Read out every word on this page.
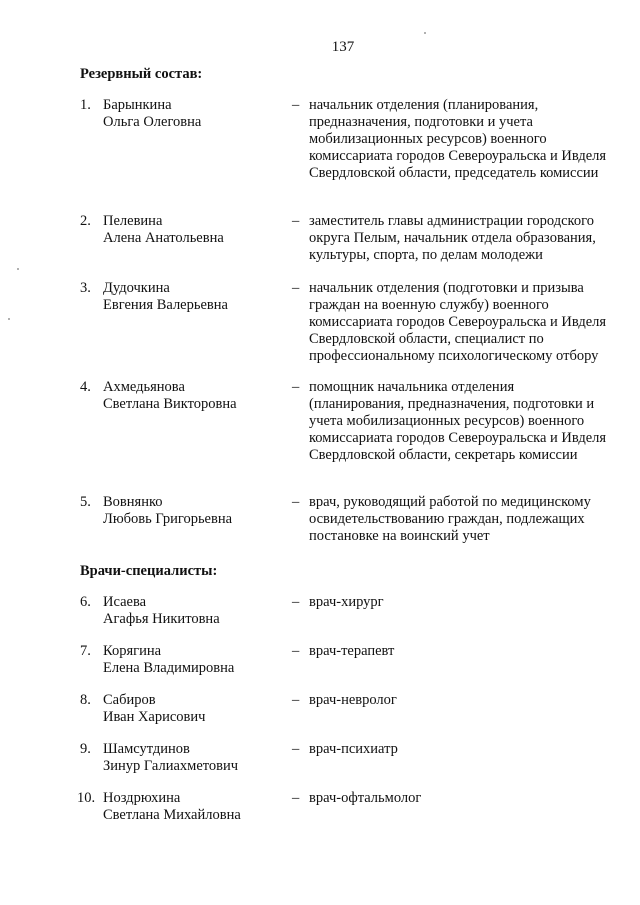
137
Резервный состав:
1. Барынкина
Ольга Олеговна
– начальник отделения (планирования, предназначения, подготовки и учета мобилизационных ресурсов) военного комиссариата городов Североуральска и Ивделя Свердловской области, председатель комиссии
2. Пелевина
Алена Анатольевна
– заместитель главы администрации городского округа Пелым, начальник отдела образования, культуры, спорта, по делам молодежи
3. Дудочкина
Евгения Валерьевна
– начальник отделения (подготовки и призыва граждан на военную службу) военного комиссариата городов Североуральска и Ивделя Свердловской области, специалист по профессиональному психологическому отбору
4. Ахмедьянова
Светлана Викторовна
– помощник начальника отделения (планирования, предназначения, подготовки и учета мобилизационных ресурсов) военного комиссариата городов Североуральска и Ивделя Свердловской области, секретарь комиссии
5. Вовнянко
Любовь Григорьевна
– врач, руководящий работой по медицинскому освидетельствованию граждан, подлежащих постановке на воинский учет
Врачи-специалисты:
6. Исаева
Агафья Никитовна
– врач-хирург
7. Корягина
Елена Владимировна
– врач-терапевт
8. Сабиров
Иван Харисович
– врач-невролог
9. Шамсутдинов
Зинур Галиахметович
– врач-психиатр
10. Ноздрюхина
Светлана Михайловна
– врач-офтальмолог
